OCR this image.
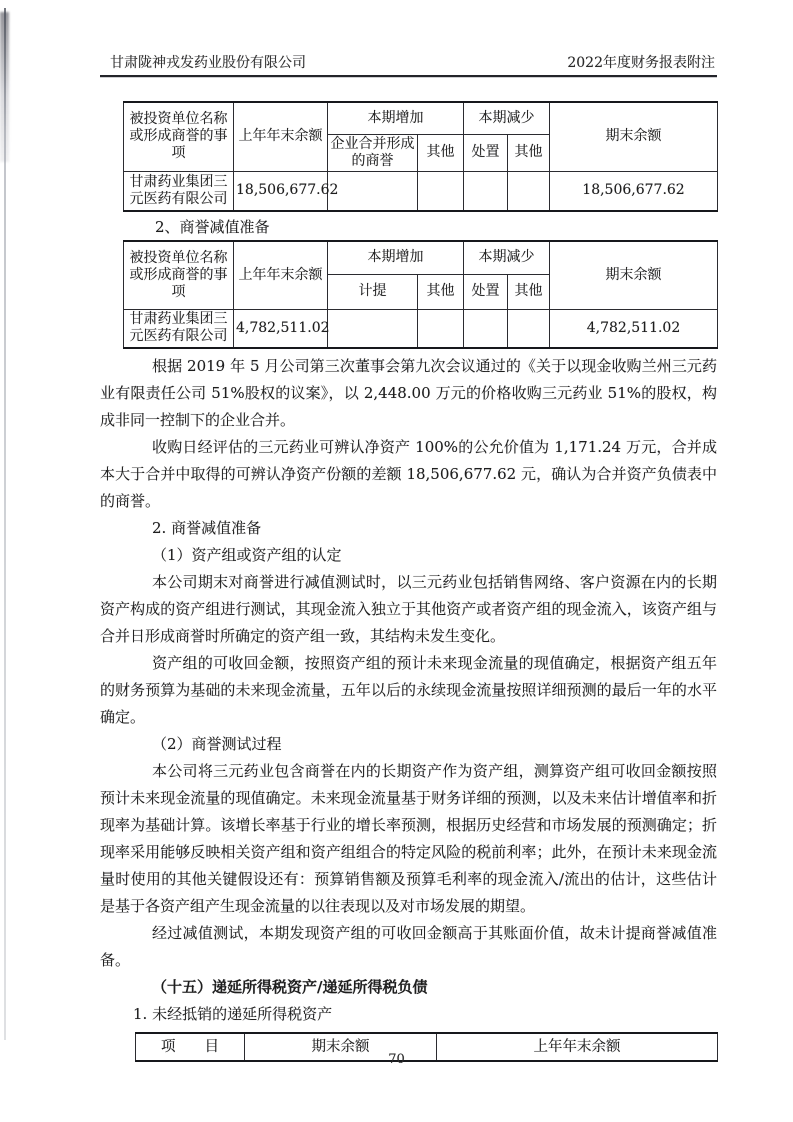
甘肃陇神戎发药业股份有限公司	2022年度财务报表附注
被投资单位名称或形成商誉的事项	上年年末余额	本期增加		本期减少		期末余额
		企业合并形成的商誉	其他	处置	其他	
甘肃药业集团三元医药有限公司	18,506,677.62					18,506,677.62
2、商誉减值准备
被投资单位名称或形成商誉的事项	上年年末余额	本期增加		本期减少		期末余额
		计提	其他	处置	其他	
甘肃药业集团三元医药有限公司	4,782,511.02					4,782,511.02

根据 2019 年 5 月公司第三次董事会第九次会议通过的《关于以现金收购兰州三元药业有限责任公司 51%股权的议案》，以 2,448.00 万元的价格收购三元药业 51%的股权，构成非同一控制下的企业合并。

收购日经评估的三元药业可辨认净资产 100%的公允价值为 1,171.24 万元，合并成本大于合并中取得的可辨认净资产份额的差额 18,506,677.62 元，确认为合并资产负债表中的商誉。

2. 商誉减值准备

（1）资产组或资产组的认定

本公司期末对商誉进行减值测试时，以三元药业包括销售网络、客户资源在内的长期资产构成的资产组进行测试，其现金流入独立于其他资产或者资产组的现金流入，该资产组与合并日形成商誉时所确定的资产组一致，其结构未发生变化。

资产组的可收回金额，按照资产组的预计未来现金流量的现值确定，根据资产组五年的财务预算为基础的未来现金流量，五年以后的永续现金流量按照详细预测的最后一年的水平确定。

（2）商誉测试过程

本公司将三元药业包含商誉在内的长期资产作为资产组，测算资产组可收回金额按照预计未来现金流量的现值确定。未来现金流量基于财务详细的预测，以及未来估计增值率和折现率为基础计算。该增长率基于行业的增长率预测，根据历史经营和市场发展的预测确定；折现率采用能够反映相关资产组和资产组组合的特定风险的税前利率；此外，在预计未来现金流量时使用的其他关键假设还有：预算销售额及预算毛利率的现金流入/流出的估计，这些估计是基于各资产组产生现金流量的以往表现以及对市场发展的期望。

经过减值测试，本期发现资产组的可收回金额高于其账面价值，故未计提商誉减值准备。

（十五）递延所得税资产/递延所得税负债

1. 未经抵销的递延所得税资产

项　　目	期末余额	上年年末余额
70
